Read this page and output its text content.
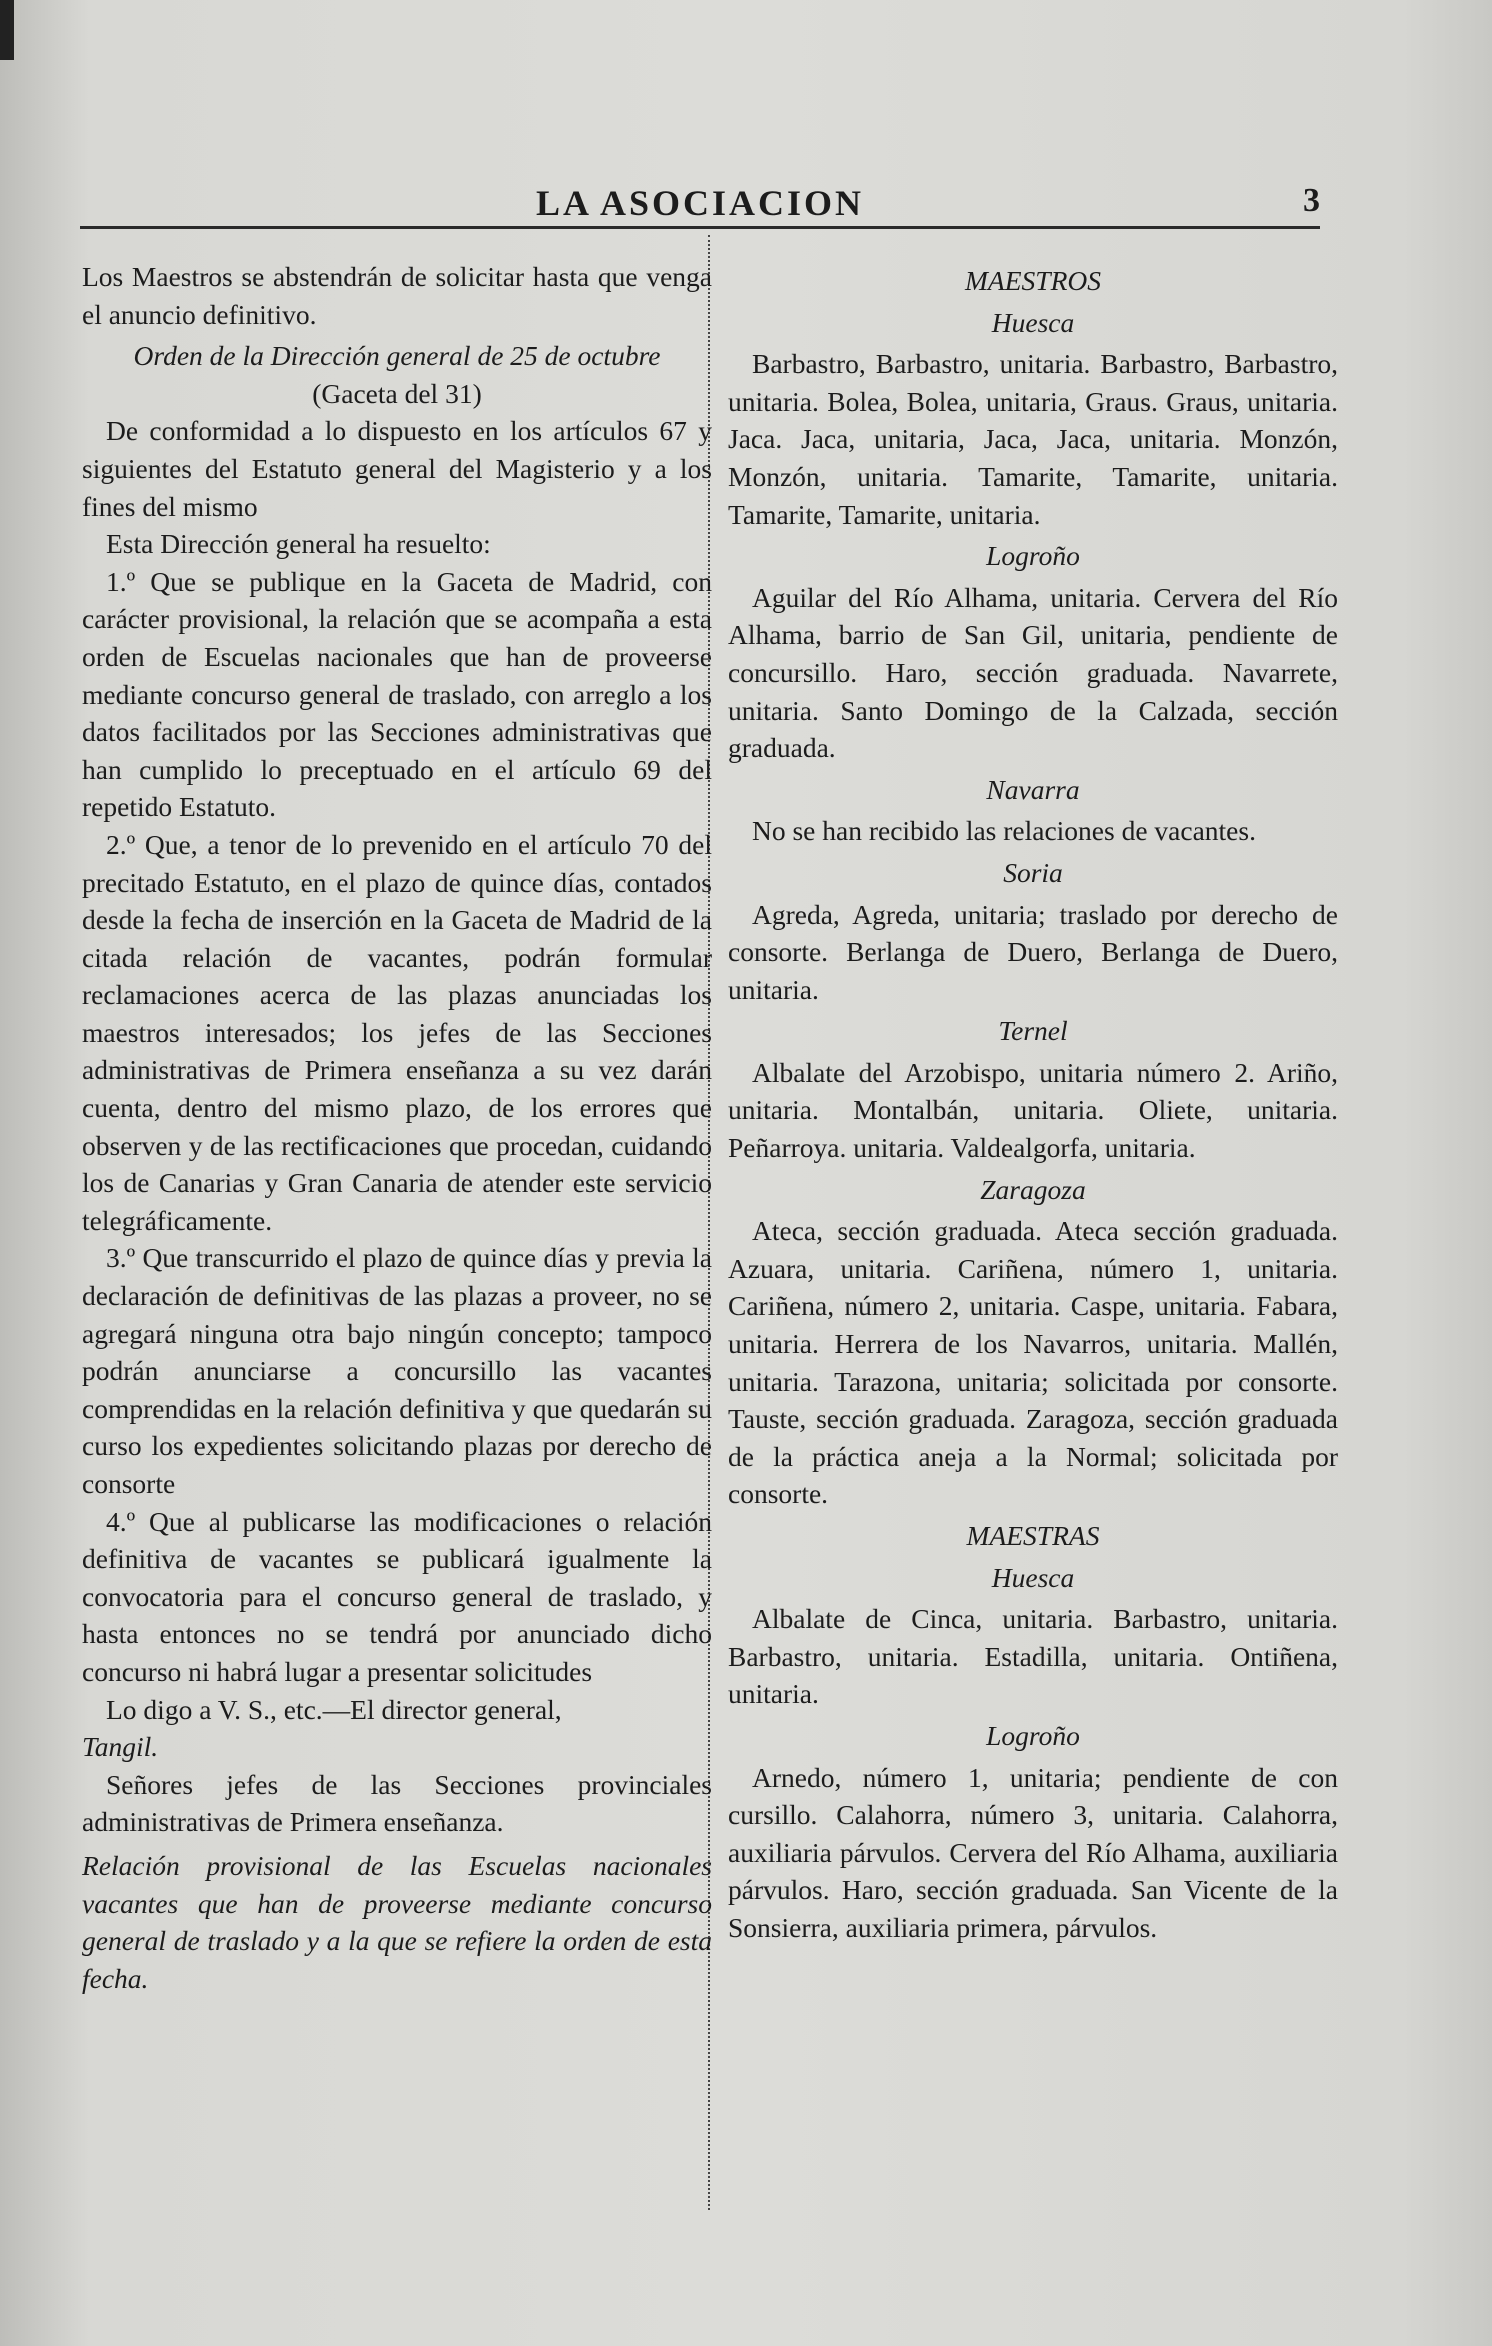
LA ASOCIACION	3

Los Maestros se abstendrán de solicitar hasta que venga el anuncio definitivo.

Orden de la Dirección general de 25 de octubre

(Gaceta del 31)

De conformidad a lo dispuesto en los artículos 67 y siguientes del Estatuto general del Magisterio y a los fines del mismo

Esta Dirección general ha resuelto:

1.º Que se publique en la Gaceta de Madrid, con carácter provisional, la relación que se acompaña a esta orden de Escuelas nacionales que han de proveerse mediante concurso general de traslado, con arreglo a los datos facilitados por las Secciones administrativas que han cumplido lo preceptuado en el artículo 69 del repetido Estatuto.

2.º Que, a tenor de lo prevenido en el artículo 70 del precitado Estatuto, en el plazo de quince días, contados desde la fecha de inserción en la Gaceta de Madrid de la citada relación de vacantes, podrán formular reclamaciones acerca de las plazas anunciadas los maestros interesados; los jefes de las Secciones administrativas de Primera enseñanza a su vez darán cuenta, dentro del mismo plazo, de los errores que observen y de las rectificaciones que procedan, cuidando los de Canarias y Gran Canaria de atender este servicio telegráficamente.

3.º Que transcurrido el plazo de quince días y previa la declaración de definitivas de las plazas a proveer, no se agregará ninguna otra bajo ningún concepto; tampoco podrán anunciarse a concursillo las vacantes comprendidas en la relación definitiva y que quedarán su curso los expedientes solicitando plazas por derecho de consorte

4.º Que al publicarse las modificaciones o relación definitiva de vacantes se publicará igualmente la convocatoria para el concurso general de traslado, y hasta entonces no se tendrá por anunciado dicho concurso ni habrá lugar a presentar solicitudes

Lo digo a V. S., etc.—El director general,

Tangil.

Señores jefes de las Secciones provinciales administrativas de Primera enseñanza.

Relación provisional de las Escuelas nacionales vacantes que han de proveerse mediante concurso general de traslado y a la que se refiere la orden de esta fecha.

MAESTROS

Huesca

Barbastro, Barbastro, unitaria. Barbastro, Barbastro, unitaria. Bolea, Bolea, unitaria, Graus. Graus, unitaria. Jaca. Jaca, unitaria, Jaca, Jaca, unitaria. Monzón, Monzón, unitaria. Tamarite, Tamarite, unitaria. Tamarite, Tamarite, unitaria.

Logroño

Aguilar del Río Alhama, unitaria. Cervera del Río Alhama, barrio de San Gil, unitaria, pendiente de concursillo. Haro, sección graduada. Navarrete, unitaria. Santo Domingo de la Calzada, sección graduada.

Navarra

No se han recibido las relaciones de vacantes.

Soria

Agreda, Agreda, unitaria; traslado por derecho de consorte. Berlanga de Duero, Berlanga de Duero, unitaria.

Ternel

Albalate del Arzobispo, unitaria número 2. Ariño, unitaria. Montalbán, unitaria. Oliete, unitaria. Peñarroya. unitaria. Valdealgorfa, unitaria.

Zaragoza

Ateca, sección graduada. Ateca sección graduada. Azuara, unitaria. Cariñena, número 1, unitaria. Cariñena, número 2, unitaria. Caspe, unitaria. Fabara, unitaria. Herrera de los Navarros, unitaria. Mallén, unitaria. Tarazona, unitaria; solicitada por consorte. Tauste, sección graduada. Zaragoza, sección graduada de la práctica aneja a la Normal; solicitada por consorte.

MAESTRAS

Huesca

Albalate de Cinca, unitaria. Barbastro, unitaria. Barbastro, unitaria. Estadilla, unitaria. Ontiñena, unitaria.

Logroño

Arnedo, número 1, unitaria; pendiente de con cursillo. Calahorra, número 3, unitaria. Calahorra, auxiliaria párvulos. Cervera del Río Alhama, auxiliaria párvulos. Haro, sección graduada. San Vicente de la Sonsierra, auxiliaria primera, párvulos.
